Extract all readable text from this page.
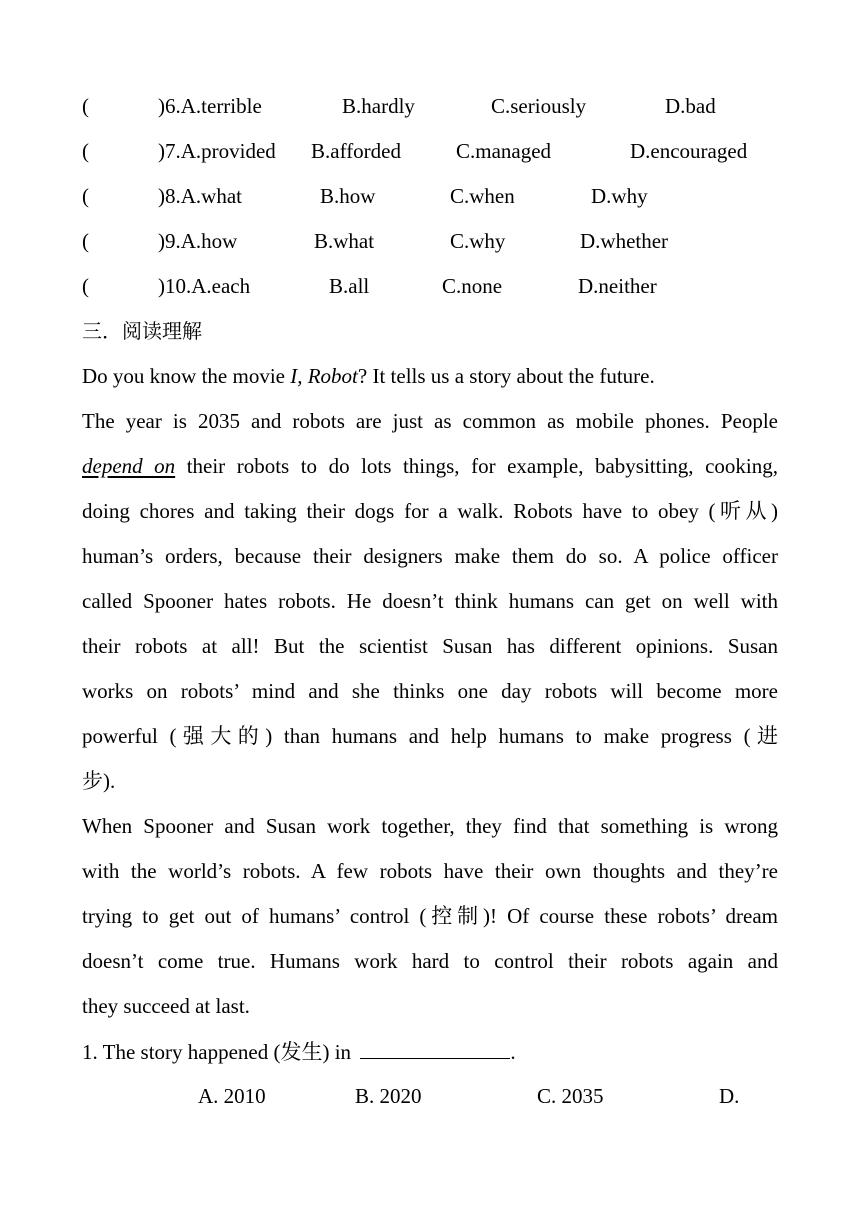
(	)6.A.terrible	B.hardly	C.seriously	D.bad
(	)7.A.provided B.afforded	C.managed	D.encouraged
(	)8.A.what	B.how	C.when	D.why
(	)9.A.how	B.what	C.why	D.whether
(	)10.A.each	B.all	C.none	D.neither
三．阅读理解
Do you know the movie I, Robot? It tells us a story about the future.
The year is 2035 and robots are just as common as mobile phones. People
depend on their robots to do lots things, for example, babysitting, cooking,
doing chores and taking their dogs for a walk. Robots have to obey (听从)
human’s orders, because their designers make them do so. A police officer
called Spooner hates robots. He doesn’t think humans can get on well with
their robots at all! But the scientist Susan has different opinions. Susan
works on robots’ mind and she thinks one day robots will become more
powerful (强大的) than humans and help humans to make progress (进
步).
When Spooner and Susan work together, they find that something is wrong
with the world’s robots. A few robots have their own thoughts and they’re
trying to get out of humans’ control (控制)! Of course these robots’ dream
doesn’t come true. Humans work hard to control their robots again and
they succeed at last.
1. The story happened (发生) in	.
A. 2010	B. 2020	C. 2035	D.
